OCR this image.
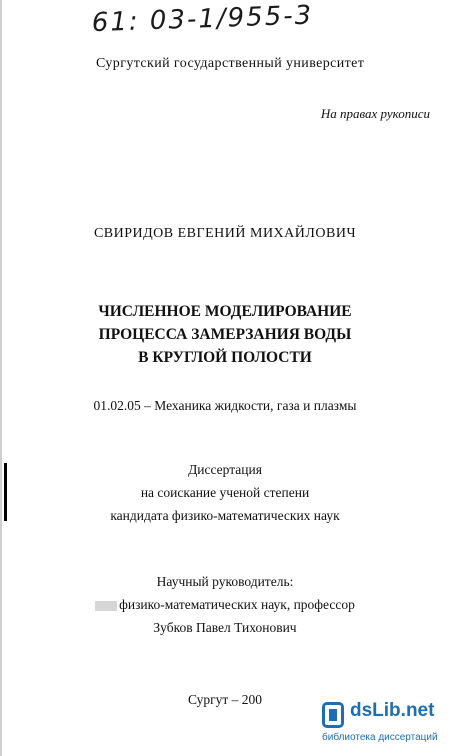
61: 03-1/955-3
Сургутский государственный университет
На правах рукописи
СВИРИДОВ ЕВГЕНИЙ МИХАЙЛОВИЧ
ЧИСЛЕННОЕ МОДЕЛИРОВАНИЕ
ПРОЦЕССА ЗАМЕРЗАНИЯ ВОДЫ
В КРУГЛОЙ ПОЛОСТИ
01.02.05 – Механика жидкости, газа и плазмы
Диссертация
на соискание ученой степени
кандидата физико-математических наук
Научный руководитель:
физико-математических наук, профессор
Зубков Павел Тихонович
Сургут – 200
dsLib.net
библиотека диссертаций
